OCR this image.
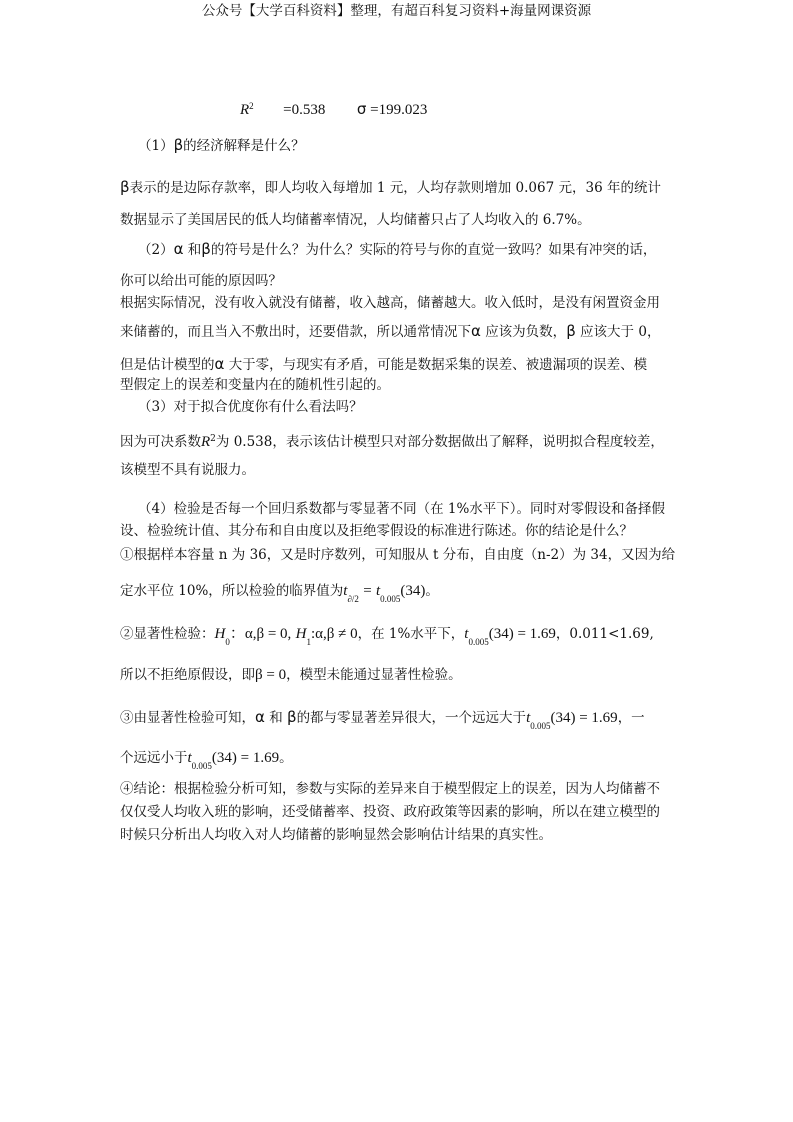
公众号【大学百科资料】整理，有超百科复习资料+海量网课资源
$R^2 =0.538$ σ =199.023
（1）β的经济解释是什么？
β表示的是边际存款率，即人均收入每增加 1 元，人均存款则增加 0.067 元，36 年的统计
数据显示了美国居民的低人均储蓄率情况，人均储蓄只占了人均收入的 6.7%。
（2）α 和β的符号是什么？为什么？实际的符号与你的直觉一致吗？如果有冲突的话，
你可以给出可能的原因吗？
根据实际情况，没有收入就没有储蓄，收入越高，储蓄越大。收入低时，是没有闲置资金用
来储蓄的，而且当入不敷出时，还要借款，所以通常情况下α 应该为负数，β 应该大于 0，
但是估计模型的α 大于零，与现实有矛盾，可能是数据采集的误差、被遗漏项的误差、模
型假定上的误差和变量内在的随机性引起的。
（3）对于拟合优度你有什么看法吗？
因为可决系数$R^2$为 0.538，表示该估计模型只对部分数据做出了解释，说明拟合程度较差，
该模型不具有说服力。
（4）检验是否每一个回归系数都与零显著不同（在 1%水平下）。同时对零假设和备择假
设、检验统计值、其分布和自由度以及拒绝零假设的标准进行陈述。你的结论是什么？
①根据样本容量 n 为 36，又是时序数列，可知服从 t 分布，自由度（n-2）为 34，又因为给
定水平位 10%，所以检验的临界值为$t_{\partial/2} = t_{0.005}(34)$。
②显著性检验：$H_0$：α,β = 0, $H_1:\alpha,\beta \ne 0$，在 1%水平下，$t_{0.005}(34) = 1.69$，0.011<1.69,
所以不拒绝原假设，即β = 0，模型未能通过显著性检验。
③由显著性检验可知，α 和 β的都与零显著差异很大，一个远远大于$t_{0.005}(34) = 1.69$，一
个远远小于$t_{0.005}(34) = 1.69$。
④结论：根据检验分析可知，参数与实际的差异来自于模型假定上的误差，因为人均储蓄不
仅仅受人均收入班的影响，还受储蓄率、投资、政府政策等因素的影响，所以在建立模型的
时候只分析出人均收入对人均储蓄的影响显然会影响估计结果的真实性。
